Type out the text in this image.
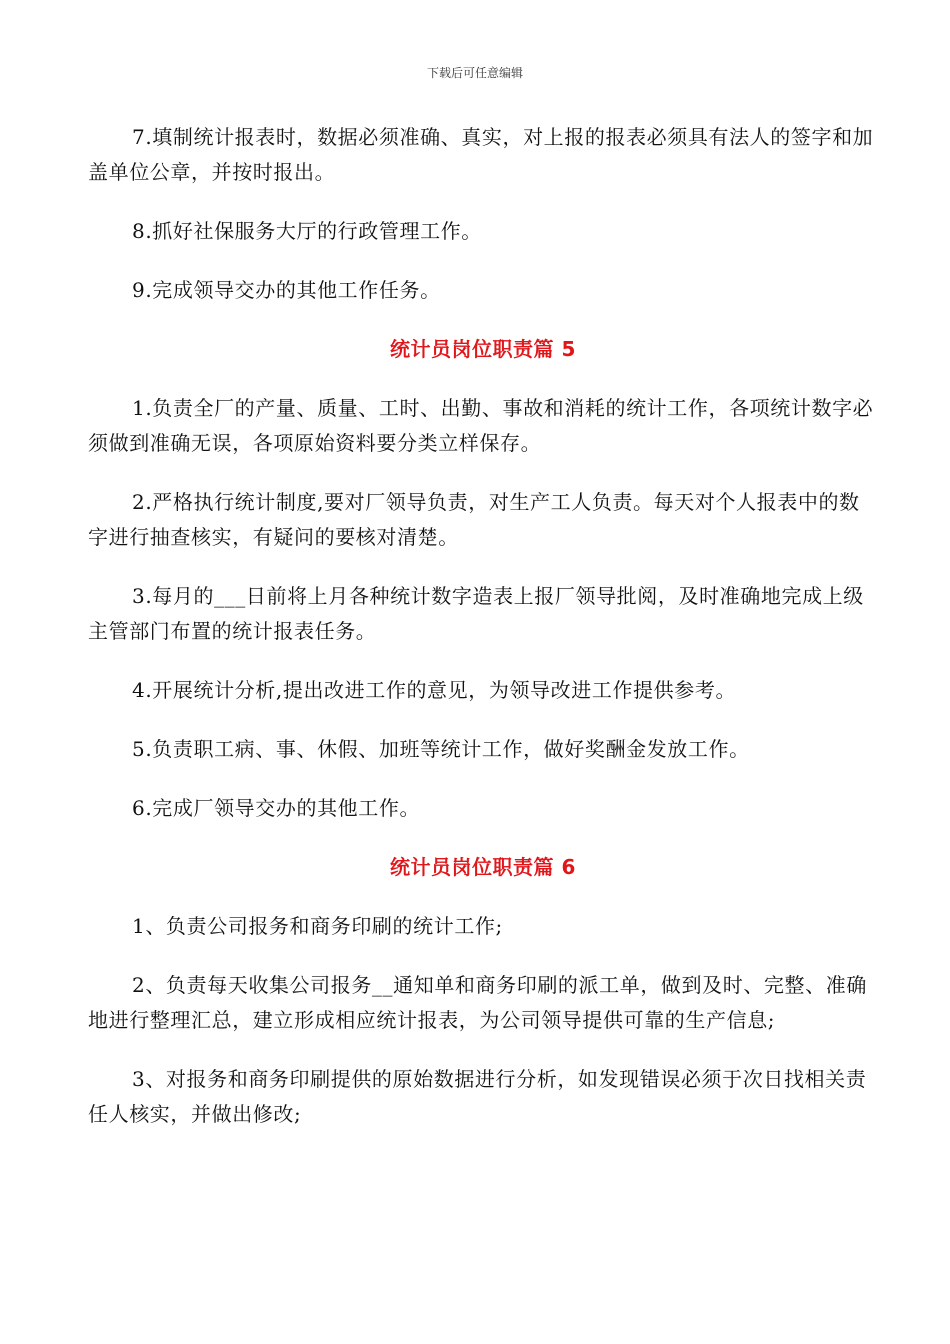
下载后可任意编辑

7.填制统计报表时，数据必须准确、真实，对上报的报表必须具有法人的签字和加盖单位公章，并按时报出。

8.抓好社保服务大厅的行政管理工作。

9.完成领导交办的其他工作任务。

统计员岗位职责篇 5

1.负责全厂的产量、质量、工时、出勤、事故和消耗的统计工作，各项统计数字必须做到准确无误，各项原始资料要分类立样保存。

2.严格执行统计制度,要对厂领导负责，对生产工人负责。每天对个人报表中的数字进行抽查核实，有疑问的要核对清楚。

3.每月的___日前将上月各种统计数字造表上报厂领导批阅，及时准确地完成上级主管部门布置的统计报表任务。

4.开展统计分析,提出改进工作的意见，为领导改进工作提供参考。

5.负责职工病、事、休假、加班等统计工作，做好奖酬金发放工作。

6.完成厂领导交办的其他工作。

统计员岗位职责篇 6

1、负责公司报务和商务印刷的统计工作;

2、负责每天收集公司报务__通知单和商务印刷的派工单，做到及时、完整、准确地进行整理汇总，建立形成相应统计报表，为公司领导提供可靠的生产信息;

3、对报务和商务印刷提供的原始数据进行分析，如发现错误必须于次日找相关责任人核实，并做出修改;
